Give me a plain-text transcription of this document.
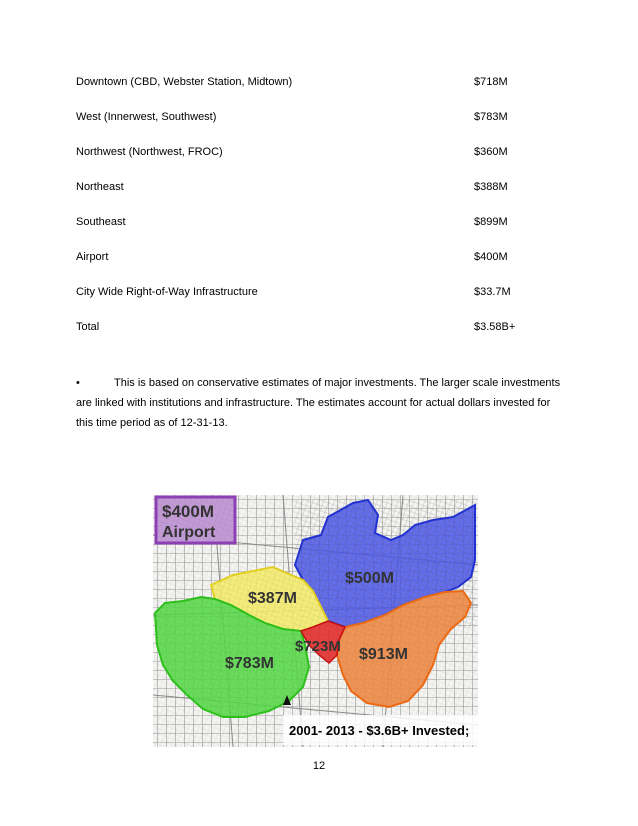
Downtown (CBD, Webster Station, Midtown)	$718M
West (Innerwest, Southwest)	$783M
Northwest (Northwest, FROC)	$360M
Northeast	$388M
Southeast	$899M
Airport	$400M
City Wide Right-of-Way Infrastructure	$33.7M
Total	$3.58B+
•	This is based on conservative estimates of major investments. The larger scale investments are linked with institutions and infrastructure. The estimates account for actual dollars invested for this time period as of 12-31-13.
$400M
Airport
$500M
$387M
$723M
$783M
$913M
2001- 2013 - $3.6B+ Invested;
12
